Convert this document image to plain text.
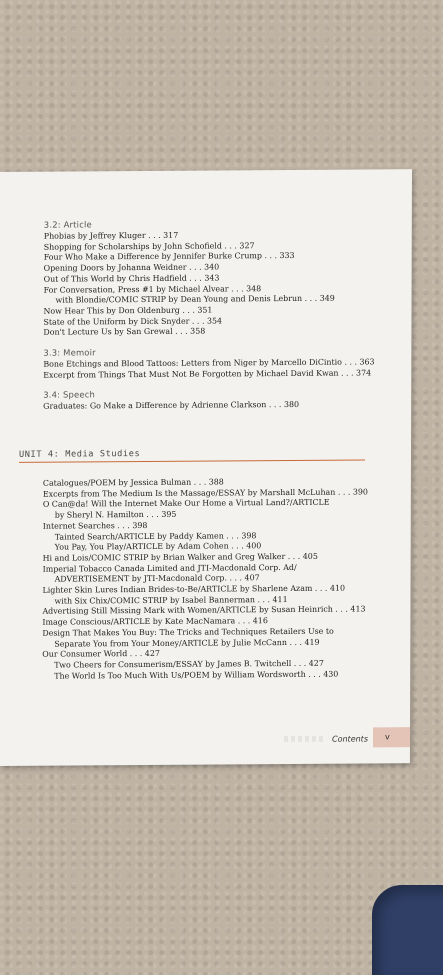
3.2: Article
Phobias by Jeffrey Kluger . . . 317
Shopping for Scholarships by John Schofield . . . 327
Four Who Make a Difference by Jennifer Burke Crump . . . 333
Opening Doors by Johanna Weidner . . . 340
Out of This World by Chris Hadfield . . . 343
For Conversation, Press #1 by Michael Alvear . . . 348
with Blondie/COMIC STRIP by Dean Young and Denis Lebrun . . . 349
Now Hear This by Don Oldenburg . . . 351
State of the Uniform by Dick Snyder . . . 354
Don't Lecture Us by San Grewal . . . 358
3.3: Memoir
Bone Etchings and Blood Tattoos: Letters from Niger by Marcello DiCintio . . . 363
Excerpt from Things That Must Not Be Forgotten by Michael David Kwan . . . 374
3.4: Speech
Graduates: Go Make a Difference by Adrienne Clarkson . . . 380
UNIT 4: Media Studies
Catalogues/POEM by Jessica Bulman . . . 388
Excerpts from The Medium Is the Massage/ESSAY by Marshall McLuhan . . . 390
O Can@da! Will the Internet Make Our Home a Virtual Land?/ARTICLE
by Sheryl N. Hamilton . . . 395
Internet Searches . . . 398
Tainted Search/ARTICLE by Paddy Kamen . . . 398
You Pay, You Play/ARTICLE by Adam Cohen . . . 400
Hi and Lois/COMIC STRIP by Brian Walker and Greg Walker . . . 405
Imperial Tobacco Canada Limited and JTI-Macdonald Corp. Ad/
ADVERTISEMENT by JTI-Macdonald Corp. . . . 407
Lighter Skin Lures Indian Brides-to-Be/ARTICLE by Sharlene Azam . . . 410
with Six Chix/COMIC STRIP by Isabel Bannerman . . . 411
Advertising Still Missing Mark with Women/ARTICLE by Susan Heinrich . . . 413
Image Conscious/ARTICLE by Kate MacNamara . . . 416
Design That Makes You Buy: The Tricks and Techniques Retailers Use to
Separate You from Your Money/ARTICLE by Julie McCann . . . 419
Our Consumer World . . . 427
Two Cheers for Consumerism/ESSAY by James B. Twitchell . . . 427
The World Is Too Much With Us/POEM by William Wordsworth . . . 430
Contents v
